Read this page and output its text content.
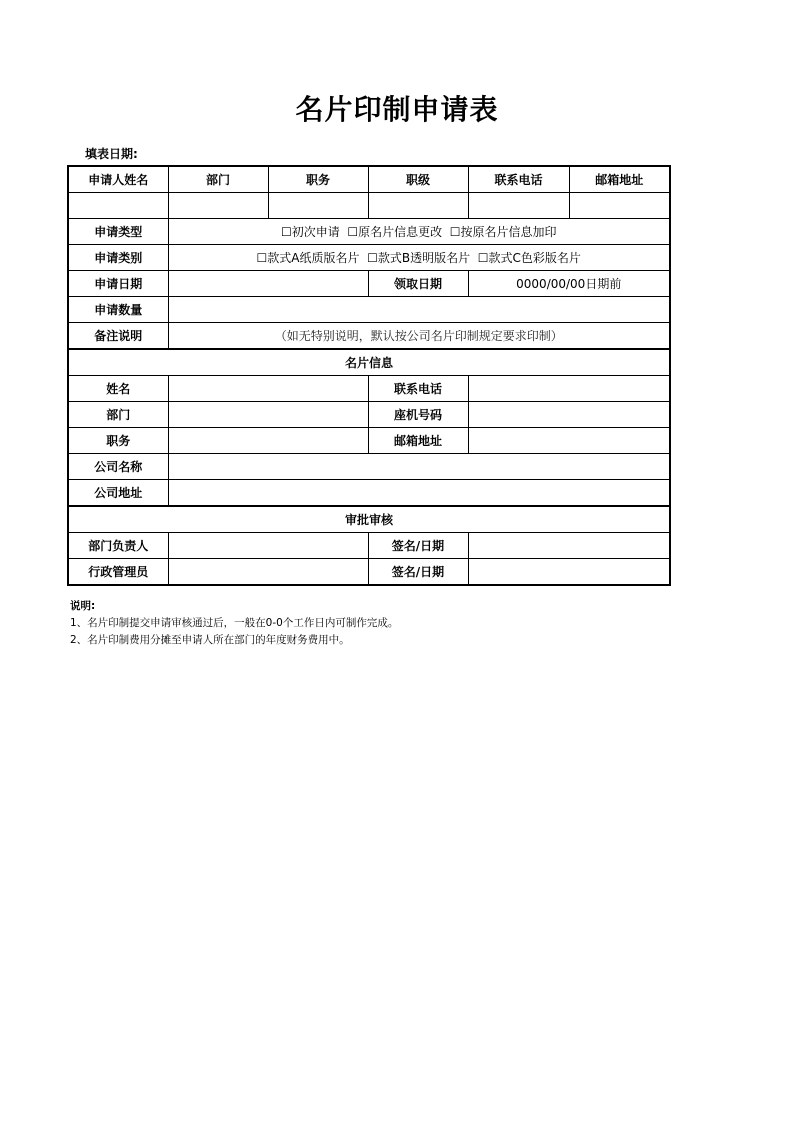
名片印制申请表
填表日期:
申请人姓名	部门	职务	职级	联系电话	邮箱地址

申请类型	☐初次申请 ☐原名片信息更改 ☐按原名片信息加印				
申请类别	☐款式A纸质版名片 ☐款式B透明版名片 ☐款式C色彩版名片				
申请日期			领取日期	0000/00/00日期前	
申请数量					
备注说明	（如无特别说明，默认按公司名片印制规定要求印制）				
名片信息					
姓名			联系电话		
部门			座机号码		
职务			邮箱地址		
公司名称					
公司地址					
审批审核					
部门负责人			签名/日期		
行政管理员			签名/日期		
说明:
1、名片印制提交申请审核通过后，一般在0-0个工作日内可制作完成。
2、名片印制费用分摊至申请人所在部门的年度财务费用中。
